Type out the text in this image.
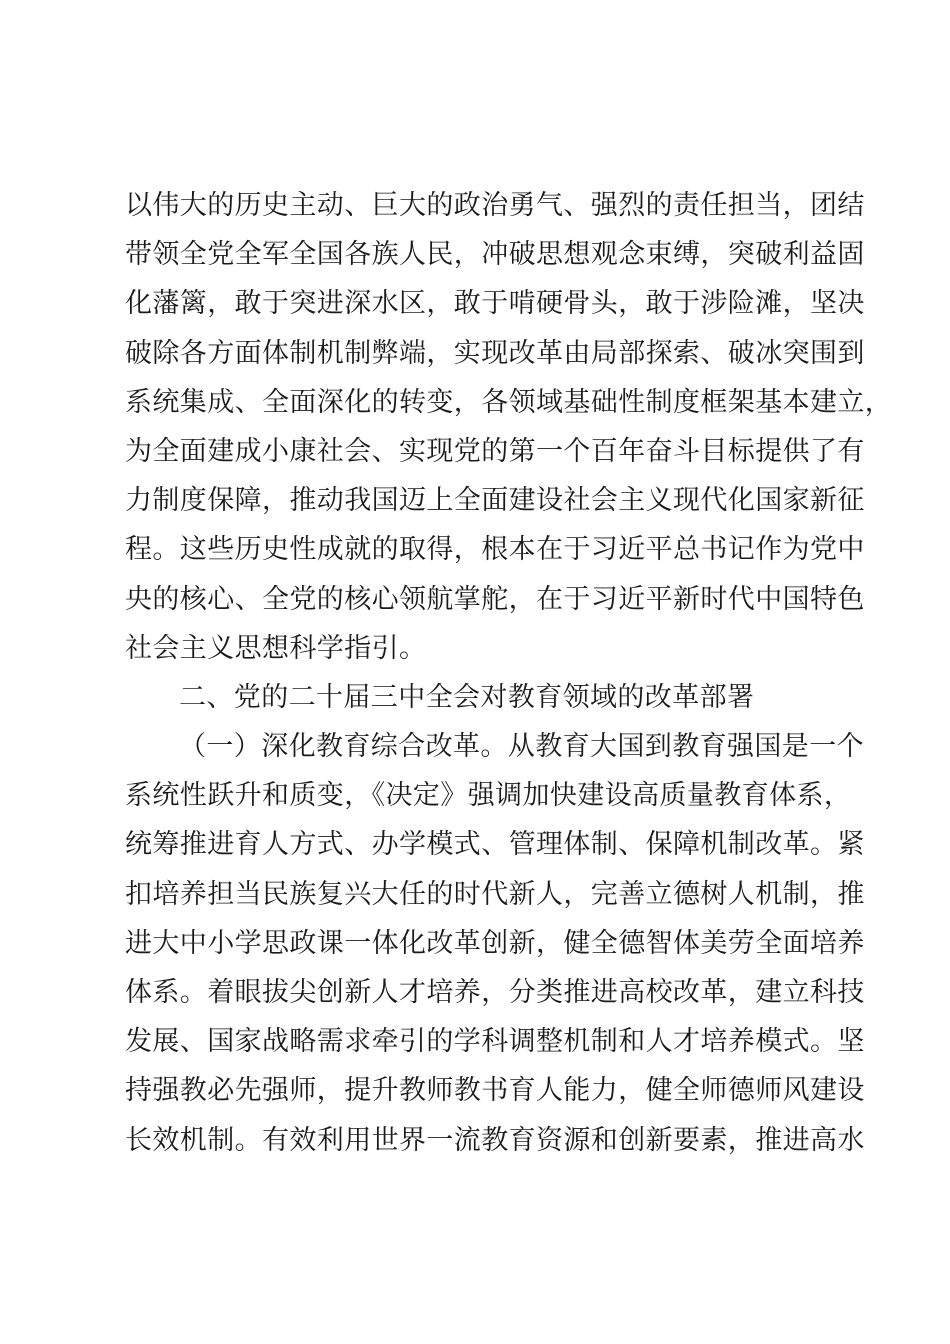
以伟大的历史主动、巨大的政治勇气、强烈的责任担当，团结
带领全党全军全国各族人民，冲破思想观念束缚，突破利益固
化藩篱，敢于突进深水区，敢于啃硬骨头，敢于涉险滩，坚决
破除各方面体制机制弊端，实现改革由局部探索、破冰突围到
系统集成、全面深化的转变，各领域基础性制度框架基本建立，
为全面建成小康社会、实现党的第一个百年奋斗目标提供了有
力制度保障，推动我国迈上全面建设社会主义现代化国家新征
程。这些历史性成就的取得，根本在于习近平总书记作为党中
央的核心、全党的核心领航掌舵，在于习近平新时代中国特色
社会主义思想科学指引。
二、党的二十届三中全会对教育领域的改革部署
（一）深化教育综合改革。从教育大国到教育强国是一个
系统性跃升和质变，《决定》强调加快建设高质量教育体系，
统筹推进育人方式、办学模式、管理体制、保障机制改革。紧
扣培养担当民族复兴大任的时代新人，完善立德树人机制，推
进大中小学思政课一体化改革创新，健全德智体美劳全面培养
体系。着眼拔尖创新人才培养，分类推进高校改革，建立科技
发展、国家战略需求牵引的学科调整机制和人才培养模式。坚
持强教必先强师，提升教师教书育人能力，健全师德师风建设
长效机制。有效利用世界一流教育资源和创新要素，推进高水
